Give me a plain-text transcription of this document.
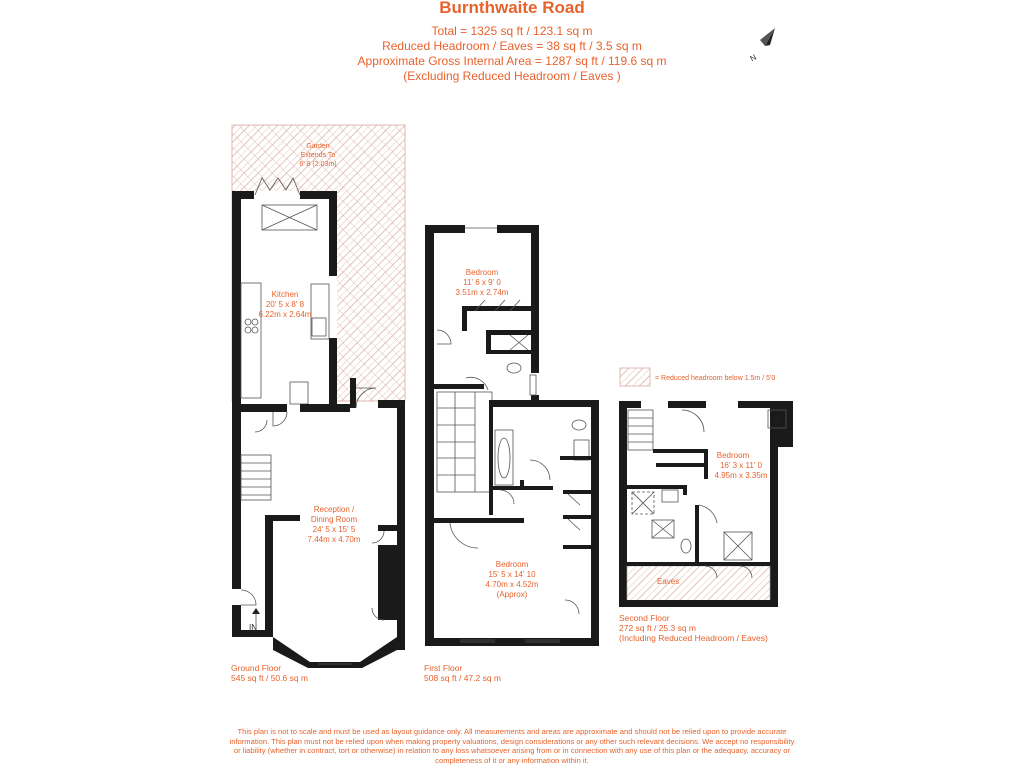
Burnthwaite Road
Total = 1325 sq ft / 123.1 sq m
Reduced Headroom / Eaves = 38 sq ft / 3.5 sq m
Approximate Gross Internal Area = 1287 sq ft / 119.6 sq m
(Excluding Reduced Headroom / Eaves )
N
IN
Garden
Extends To
6' 8 (2.03m)
Kitchen
20' 5 x 8' 8
6.22m x 2.64m
Reception /
Dining Room
24' 5 x 15' 5
7.44m x 4.70m
Bedroom
11' 6 x 9' 0
3.51m x 2.74m
Bedroom
15' 5 x 14' 10
4.70m x 4.52m
(Approx)
= Reduced headroom below 1.5m / 5'0
B
Eaves
Bedroom
16' 3 x 11' 0
4.95m x 3.35m
Ground Floor
545 sq ft / 50.6 sq m
First Floor
508 sq ft / 47.2 sq m
Second Floor
272 sq ft / 25.3 sq m
(Including Reduced Headroom / Eaves)
This plan is not to scale and must be used as layout guidance only. All measurements and areas are approximate and should not be relied upon to provide accurate information. This plan must not be relied upon when making property valuations, design considerations or any other such relevant decisions. We accept no responsibility or liability (whether in contract, tort or otherwise) in relation to any loss whatsoever arising from or in connection with any use of this plan or the adequacy, accuracy or completeness of it or any information within it.
